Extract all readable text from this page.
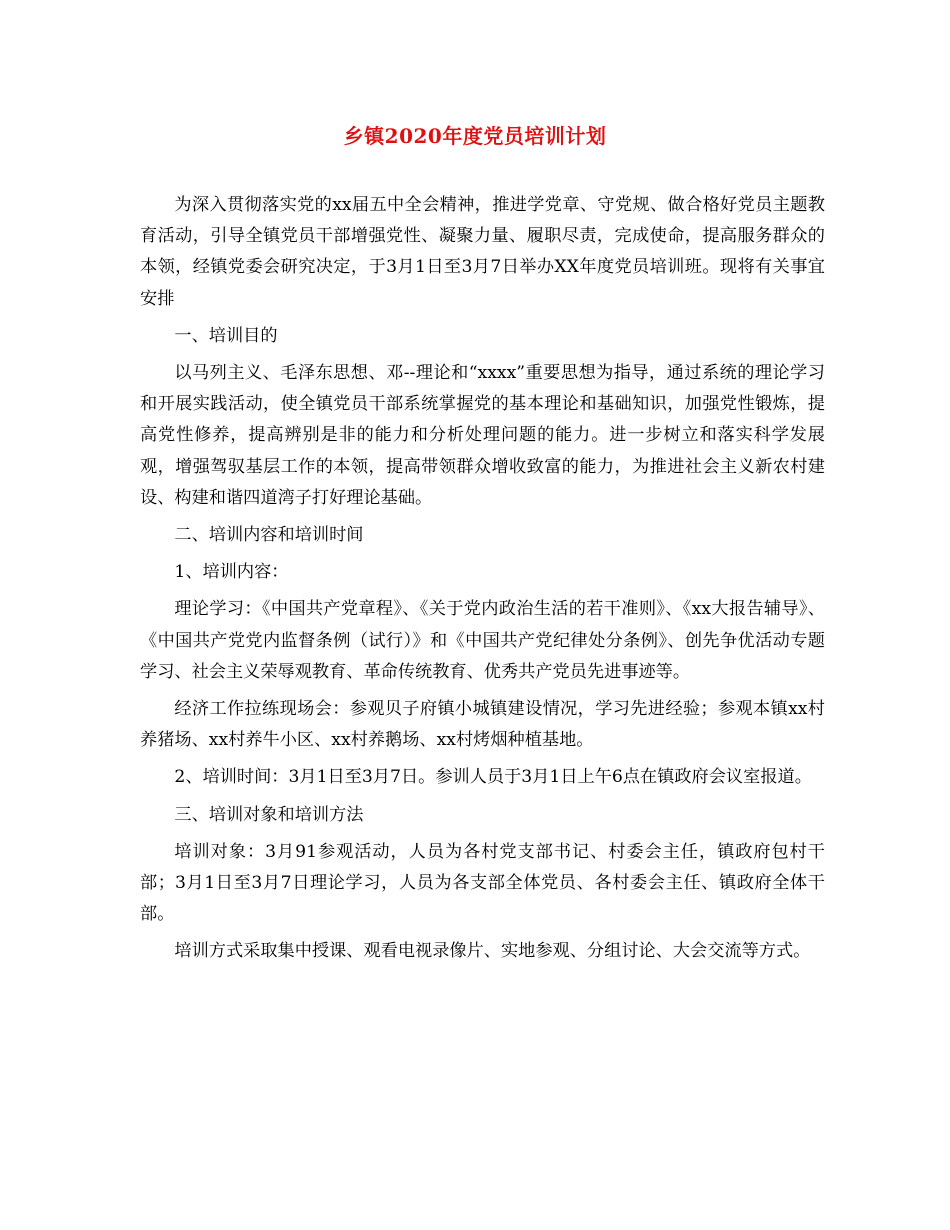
乡镇2020年度党员培训计划

为深入贯彻落实党的xx届五中全会精神，推进学党章、守党规、做合格好党员主题教育活动，引导全镇党员干部增强党性、凝聚力量、履职尽责，完成使命，提高服务群众的本领，经镇党委会研究决定，于3月1日至3月7日举办XX年度党员培训班。现将有关事宜安排

一、培训目的

以马列主义、毛泽东思想、邓--理论和“xxxx”重要思想为指导，通过系统的理论学习和开展实践活动，使全镇党员干部系统掌握党的基本理论和基础知识，加强党性锻炼，提高党性修养，提高辨别是非的能力和分析处理问题的能力。进一步树立和落实科学发展观，增强驾驭基层工作的本领，提高带领群众增收致富的能力，为推进社会主义新农村建设、构建和谐四道湾子打好理论基础。

二、培训内容和培训时间

1、培训内容：

理论学习：《中国共产党章程》、《关于党内政治生活的若干准则》、《xx大报告辅导》、《中国共产党党内监督条例（试行）》和《中国共产党纪律处分条例》、创先争优活动专题学习、社会主义荣辱观教育、革命传统教育、优秀共产党员先进事迹等。

经济工作拉练现场会：参观贝子府镇小城镇建设情况，学习先进经验；参观本镇xx村养猪场、xx村养牛小区、xx村养鹅场、xx村烤烟种植基地。

2、培训时间：3月1日至3月7日。参训人员于3月1日上午6点在镇政府会议室报道。

三、培训对象和培训方法

培训对象：3月91参观活动，人员为各村党支部书记、村委会主任，镇政府包村干部；3月1日至3月7日理论学习，人员为各支部全体党员、各村委会主任、镇政府全体干部。

培训方式采取集中授课、观看电视录像片、实地参观、分组讨论、大会交流等方式。
